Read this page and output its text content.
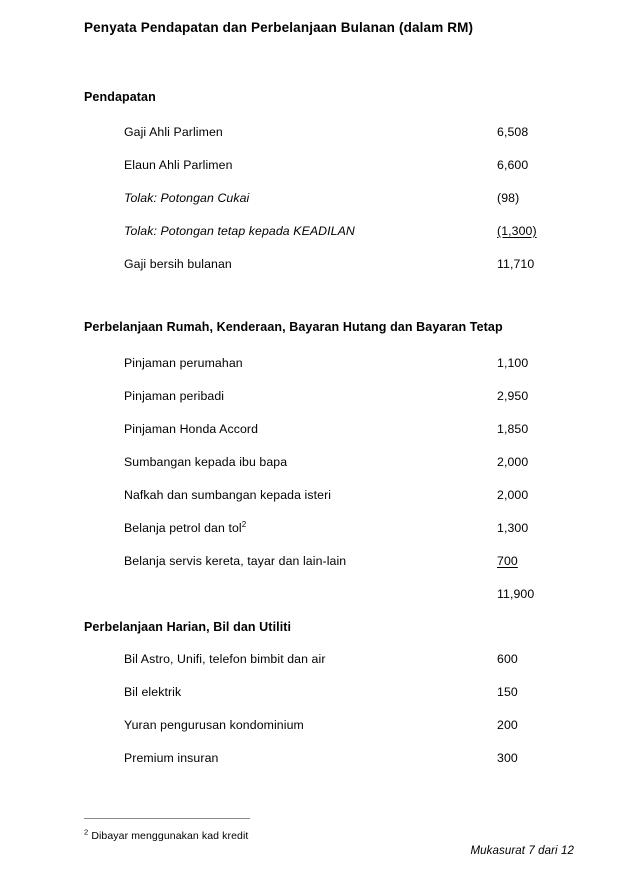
Penyata Pendapatan dan Perbelanjaan Bulanan (dalam RM)
Pendapatan
Gaji Ahli Parlimen	6,508
Elaun Ahli Parlimen	6,600
Tolak: Potongan Cukai	(98)
Tolak: Potongan tetap kepada KEADILAN	(1,300)
Gaji bersih bulanan	11,710
Perbelanjaan Rumah, Kenderaan, Bayaran Hutang dan Bayaran Tetap
Pinjaman perumahan	1,100
Pinjaman peribadi	2,950
Pinjaman Honda Accord	1,850
Sumbangan kepada ibu bapa	2,000
Nafkah dan sumbangan kepada isteri	2,000
Belanja petrol dan tol$^2$	1,300
Belanja servis kereta, tayar dan lain-lain	700
11,900
Perbelanjaan Harian, Bil dan Utiliti
Bil Astro, Unifi, telefon bimbit dan air	600
Bil elektrik	150
Yuran pengurusan kondominium	200
Premium insuran	300
$^2$ Dibayar menggunakan kad kredit
Mukasurat 7 dari 12
